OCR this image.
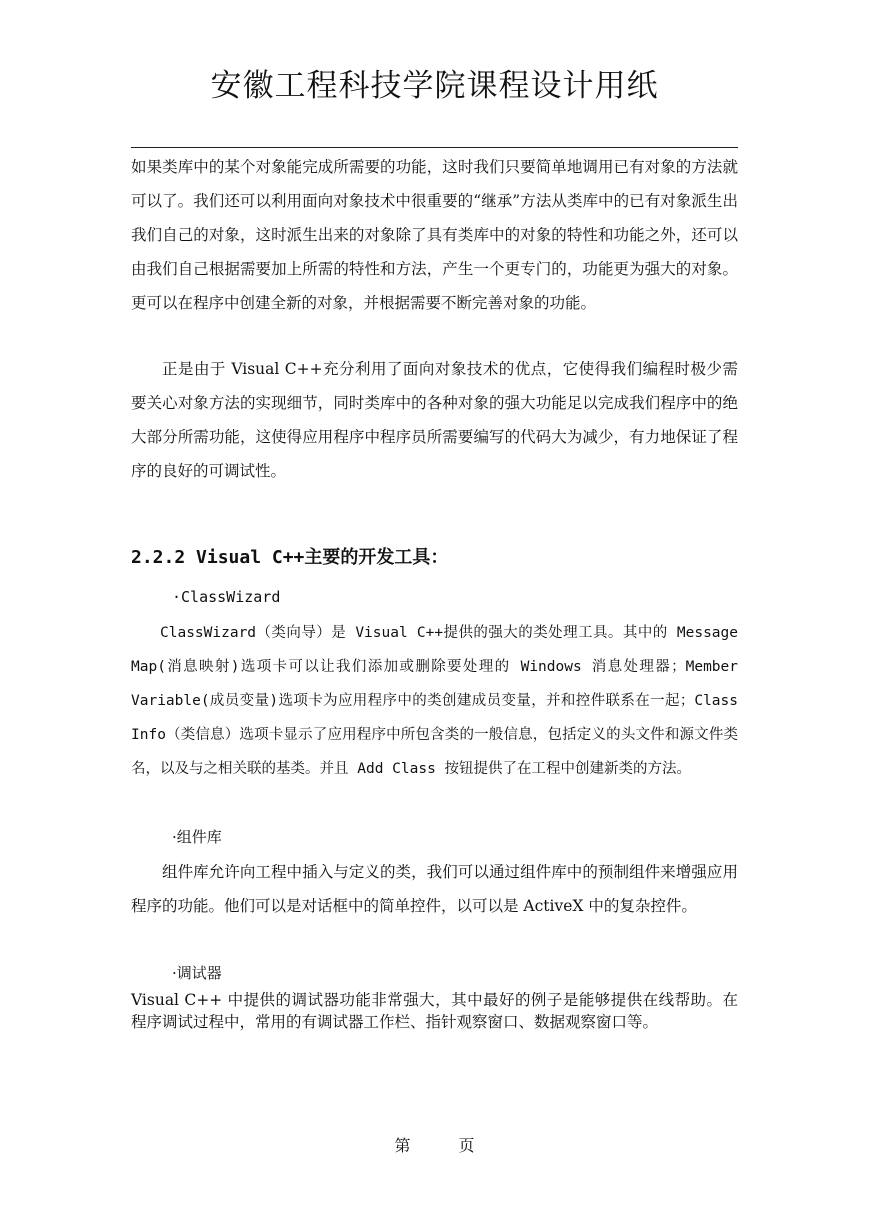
安徽工程科技学院课程设计用纸

如果类库中的某个对象能完成所需要的功能，这时我们只要简单地调用已有对象的方法就可以了。我们还可以利用面向对象技术中很重要的“继承”方法从类库中的已有对象派生出我们自己的对象，这时派生出来的对象除了具有类库中的对象的特性和功能之外，还可以由我们自己根据需要加上所需的特性和方法，产生一个更专门的，功能更为强大的对象。更可以在程序中创建全新的对象，并根据需要不断完善对象的功能。

正是由于 Visual C++充分利用了面向对象技术的优点，它使得我们编程时极少需要关心对象方法的实现细节，同时类库中的各种对象的强大功能足以完成我们程序中的绝大部分所需功能，这使得应用程序中程序员所需要编写的代码大为减少，有力地保证了程序的良好的可调试性。

2.2.2 Visual C++主要的开发工具：

·ClassWizard

ClassWizard（类向导）是 Visual C++提供的强大的类处理工具。其中的 Message Map(消息映射)选项卡可以让我们添加或删除要处理的 Windows 消息处理器；Member Variable(成员变量)选项卡为应用程序中的类创建成员变量，并和控件联系在一起；Class Info（类信息）选项卡显示了应用程序中所包含类的一般信息，包括定义的头文件和源文件类名，以及与之相关联的基类。并且 Add Class 按钮提供了在工程中创建新类的方法。

·组件库

组件库允许向工程中插入与定义的类，我们可以通过组件库中的预制组件来增强应用程序的功能。他们可以是对话框中的简单控件，以可以是 ActiveX 中的复杂控件。

·调试器

Visual C++ 中提供的调试器功能非常强大，其中最好的例子是能够提供在线帮助。在程序调试过程中，常用的有调试器工作栏、指针观察窗口、数据观察窗口等。

第	页
